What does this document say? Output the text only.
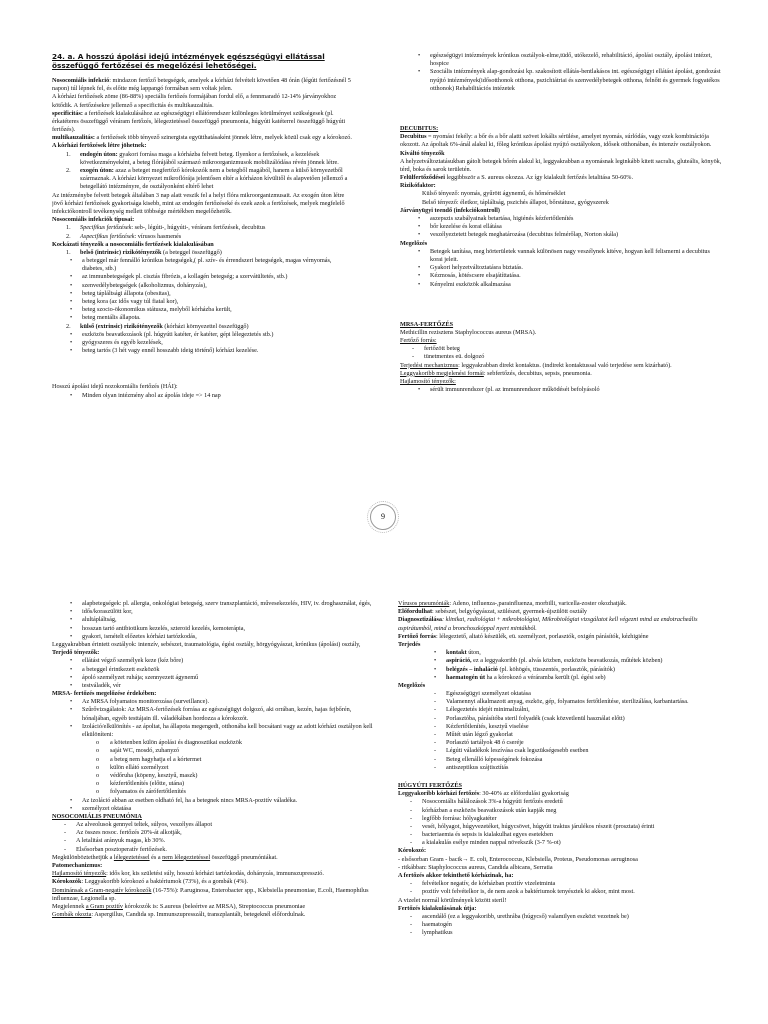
24. a. A hosszú ápolási idejű intézmények egészségügyi ellátással összefüggő fertőzései és megelőzési lehetőségei.

Nosocomiális infekció: mindazon fertőző betegségek, amelyek a kórházi felvételt követően 48 órán (légúti fertőzésnél 5 napon) túl lépnek fel, és előtte még lappangó formában sem voltak jelen.

A kórházi fertőzések zöme (86-88%) speciális fertőzés formájában fordul elő, a fennmaradó 12-14% járványokhoz kötődik. A fertőzésekre jellemző a specificitás és multikauzalitás.

specificitás: a fertőzések kialakulásához az egészségügyi ellátórendszer különleges körülményei szükségesek (pl. érkatéteres összefüggő véráram fertőzés, lélegeztetéssel összefüggő pneumonia, húgyúti katéterrel összefüggő húgyúti fertőzés).

multikauzalitás: a fertőzések több tényező szinergista együtthatásaként jönnek létre, melyek közül csak egy a kórokozó.

A kórházi fertőzések létre jöhetnek:

1. endogén úton: gyakori forrása maga a kórházba felvett beteg. Ilyenkor a fertőzések, a kezelések következményeként, a beteg flórájából származó mikroorganizmusok mobilizálódása révén jönnek létre.
2. exogén úton: azaz a beteget megfertőző kórokozók nem a betegből magából, hanem a külső környezetből származnak. A kórházi környezet mikroflórája jelentősen eltér a kórházon kívülitől és alapvetően jellemző a betegellátó intézményre, de osztályonként eltérő lehet

Az intézménybe felvett betegek általában 3 nap alatt veszik fel a helyi flóra mikroorganizmusait. Az exogén úton létre jövő kórházi fertőzések gyakorisága kisebb, mint az endogén fertőzéseké és ezek azok a fertőzések, melyek megfelelő infekciókontroll tevékenység mellett többsége mértékben megelőzhetők.

Nosocomiális infekciók típusai:

1. Specifikus fertőzések: seb-, légúti-, húgyúti-, véráram fertőzések, decubitus
2. Aspecifikus fertőzések: vírusos hasmenés

Kockázati tényezők a nosocomiális fertőzések kialakulásában

1. belső (intrinsic) rizikótényezők (a beteggel összefüggő)
• a beteggel már fennálló krónikus betegségek,( pl. szív- és érrendszeri betegségek, magas vérnyomás, diabetes, stb.)
• az immunbetegségek pl. cisztás fibrózis, a kollagén betegség; a szervátültetés, stb.)
• szenvedélybetegségek (alkoholizmus, dohányzás),
• beteg tápláltsági állapota (obesitas),
• beteg kora (az idős vagy túl fiatal kor),
• beteg szocio-ökonomikus státusza, melyből kórházba került,
• beteg mentális állapota.
2. külső (extrinsic) rizikótényezők (kórházi környezettel összefüggő)
• eszközös beavatkozások (pl. húgyúti katéter, ér katéter, gépi lélegeztetés stb.)
• gyógyszeres és egyéb kezelések,
• beteg tartós (3 hét vagy ennél hosszabb ideig történő) kórházi kezelése.

Hosszú ápolási idejű nozokomiális fertőzés (HÁI):

• Minden olyan intézmény ahol az ápolás ideje => 14 nap
• egészségügyi intézmények krónikus osztályok-elme,tüdő, utókezelő, rehabilitáció, ápolási osztály, ápolási intézet, hospice
• Szociális intézmények alap-gondozási kp. szakosított ellátás-bentlakásos int. egészségügyi ellátást ápolást, gondozást nyújtó intézmények(idősotthonok otthona, pszichiátriai és szenvedélybetegek otthona, felnőtt és gyermek fogyatékos otthonok) Rehabilitációs intézetek

DECUBITUS:

Decubitus = nyomási fekély: a bőr és a bőr alatti szövet lokális sérülése, amelyet nyomás, súrlódás, vagy ezek kombinációja okozott. Az ápoltak 6%-ánál alakul ki, főleg krónikus ápolást nyújtó osztályokon, idősek otthonában, és intenzív osztályokon.

Kiváltó tényezők

A helyzetváltoztatásukban gátolt betegek bőrén alakul ki, leggyakrabban a nyomásnak leginkább kitett sacralis, gluteális, könyök, térd, boka és sarok területén.

Felülfertőződései leggibbször a S. aureus okozza. Az így kialakult fertőzés letalitása 50-60%.

Rizikófaktor:

Külső tényező: nyomás, gyűrött ágynemű, és hőmérséklet

Belső tényező: életkor, tápláltság, pszichés állapot, bőrstátusz, gyógyszerek

Járványügyi teendő (infekciókontroll)

• aszepszis szabályainak betartása, higiénés kézfertőtlenítés
• bőr kezelése és korai ellátása
• veszélyeztetett betegek meghatározása (decubitus felmérőlap, Norton skála)

Megelőzés

• Betegek tanítása, meg hörterületek vannak különösen nagy veszélynek kitéve, hogyan kell felismerni a decubitus korai jeleit.
• Gyakori helyzetváltoztatásra biztatás.
• Kézmosás, kötéscsere elsajátíttatása.
• Kényelmi eszközök alkalmazása

MRSA-FERTŐZÉS

Methicillin rezisztens Staphylococcus aureus (MRSA).

Fertőző forrás:

- fertőzött beteg
- tünetmentes eü. dolgozó

Terjedési mechanizmus: leggyakrabban direkt kontaktus. (indirekt kontaktussal való terjedése sem kizárható).

Leggyakoribb megjelenési formái: sebfertőzés, decubitus, sepsis, pneumonia.

Hajlamosító tényezők:

• sérült immunrendszer (pl. az immunrendszer működését befolyásoló
9
• alapbetegségek: pl. allergia, onkológiai betegség, szerv transzplantáció, művesekezelés, HIV, iv. droghasználat, égés,
• idős/koraszülött kor,
• alultápláltság,
• hosszan tartó antibiotikum kezelés, szteroid kezelés, kemoterápia,
• gyakori, ismételt előzetes kórházi tartózkodás,

Leggyakrabban érintett osztályok: intenzív, sebészet, traumatológia, égési osztály, hörgyógyászat, krónikus (ápolási) osztály,

Terjedő tényezők:

• ellátást végző személyek keze (kéz bőre)
• a beteggel érintkezett eszközök
• ápoló személyzet ruhája; szennyezett ágynemű
• testváladék, vér

MRSA- fertőzés megelőzése érdekében:

• Az MRSA folyamatos monitorozása (surveillance).
• Szűrővizsgálatok: Az MRSA-fertőzések forrása az egészségügyi dolgozó, aki orrában, kezén, hajas fejbőrén, hónaljában, egyéb testtájain ill. váladékában hordozza a kórokozót.
• Izoláció/elkülönítés - az ápoltat, ha állapota megengedi, otthonába kell bocsátani vagy az adott kórházi osztályon kell elkülöníteni:
o a kötetenben külön ápolási és diagnosztikai eszközök
o saját WC, mosdó, zuhanyzó
o a beteg nem hagyhatja el a kórtermet
o külön ellátó személyzet
o védőruha (köpeny, kesztyű, maszk)
o kézfertőtlenítés (előtte, utána)
o folyamatos és zárófertőtlenítés
• Az izoláció abban az esetben oldható fel, ha a betegnek nincs MRSA-pozitív váladéka.
• személyzet oktatása

NOSOCOMIÁLIS PNEUMÓNIA

- Az alveolusok gennyel teltek, súlyos, veszélyes állapot
- Az összes nosoc. fertőzés 20%-át alkotják,
- A letalitási arányuk magas, kb 30%.
- Elsősorban posztoperatív fertőzések.

Megkülönböztethetjük a lélegeztetéssel és a nem lélegeztetéssel összefüggő pneumóniákat.

Patomechanizmus:

Hajlamosító tényezők: idős kor, kis születési súly, hosszú kórházi tartózkodás, dohányzás, immunszupresszió.

Kórokozók: Leggyakoribb kórokozó a baktériumok (73%), és a gombák (4%).

Dominánsak a Gram-negatív kórokozók (16-75%): P.aruginosa, Enterobacter spp., Klebsiella pneumoniae, E.coli, Haemophilus influenzae, Legionella sp.

Megjelennek a Gram pozitív kórokozók is: S.aureus (beleértve az MRSA), Streptococcus pneumoniae

Gombák okozta: Aspergillus, Candida sp. Immunszupresszált, transzplantált, betegeknél előfordulnak.

Vírusos pneumóniák: Adeno, influenza-,parainfluenza, morbilli, varicella-zoster okozhatják.

Előfordulhat: sebészet, belgyógyászat, szülészet, gyermek-újszülött osztály

Diagnosztizálása: klinikai, radiológiai + mikrobiológiai, Mikrobiológiai vizsgálatot kell végezni mind az endotracheális aspirátumból, mind a bronchoszkóppal nyert mintákból.

Fertőző forrás: lélegeztető, altató készülék, eü. személyzet, porlasztók, oxigén párásítók, kézhigiéne

Terjedés

• kontakt úton,
• aspiráció, ez a leggyakoribb (pl. alvás közben, eszközös beavatkozás, műtétek közben)
• belégzés – inhaláció (pl. köhögés, tüsszentés, porlasztók, párásítók)
• haematogén út ha a kórokozó a véráramba került (pl. égési seb)

Megelőzés

- Egészségügyi személyzet oktatása
- Valamennyi alkalmazott anyag, eszköz, gép, folyamatos fertőtlenítése, sterilizálása, karbantartása.
- Lélegeztetés idejét minimalizálni,
- Porlasztóba, párásítóba steril folyadék (csak közvetlenül használat előtt)
- Kézfertőtlenítés, kesztyű viselése
- Műtét után légző gyakorlat
- Porlasztó tartályok 48 ó cseréje
- Légúti váladékok leszívása csak legszükségesebb esetben
- Beteg ellenálló képességének fokozása
- antiszeptikus szájtisztítás

HÚGYÚTI FERTŐZÉS

Leggyakoribb kórházi fertőzés: 30-40% az előfordulási gyakoriság

- Nosocomiális hálálozások 3%-a húgyúti fertőzés eredetű
- kórházban a eszközös beavatkozások után kapják meg
- legfőbb forrása: hólyagkatéter
- veséi, hólyagot, húgyvezetéket, húgycsövet, húgyúti traktus járulékos részeit (prosztata) érinti
- bacteriaemia és sepsis is kialakulhat egyes esetekben
- a kialakulás esélye minden nappal növekszik (3-7 %-ot)

Kórokozó:

- elsősorban Gram - bacik→ E. coli, Enterococcus, Klebsiella, Proteus, Pseudomonas aeruginosa

- ritkábban: Staphylococcus aureus, Candida albicans, Serratia

A fertőzés akkor tekinthető kórházinak, ha:

- felvételkor negatív, de kórházban pozitív vizeletminta
- pozitív volt felvételkor is, de nem azok a baktériumok tenyésztek ki akkor, mint most.

A vizelet normál körülmények között steril!

Fertőzés kialakulásának útja:

- ascendálő (ez a leggyakoribb, urethrába (húgycső) valamilyen eszközt vezetnek be)
- haematogén
- lymphatikus
